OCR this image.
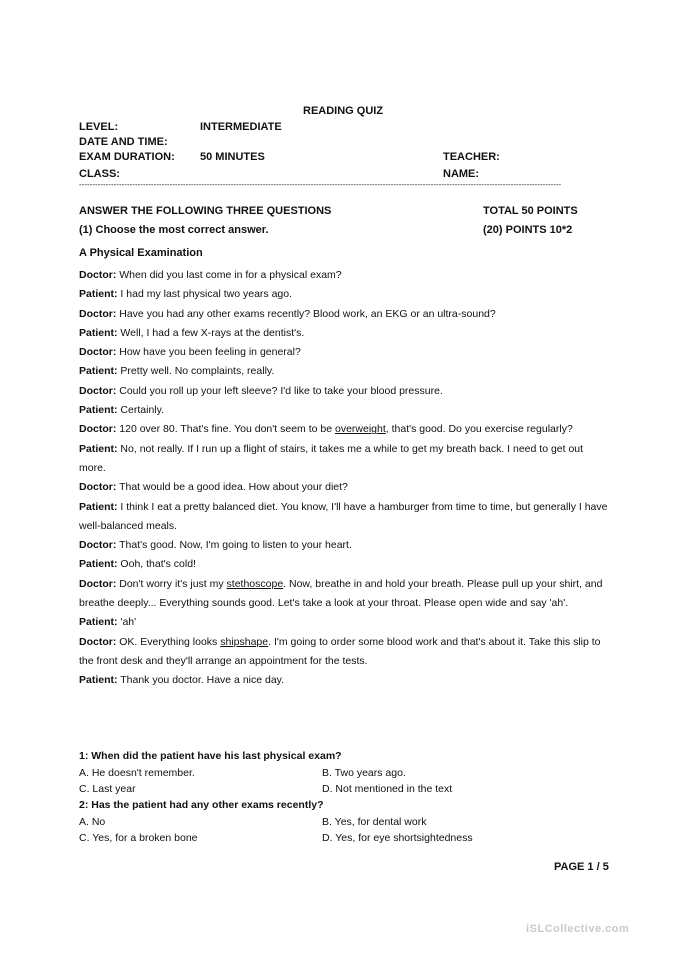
READING QUIZ
LEVEL:	INTERMEDIATE
DATE AND TIME:
EXAM DURATION: 50 MINUTES	TEACHER:
CLASS:	NAME:
-------------------------------------------------------------------------------------------------------------------------------------------------------------------------------------
ANSWER THE FOLLOWING THREE QUESTIONS	TOTAL 50 POINTS
(1) Choose the most correct answer.	(20) POINTS 10*2
A Physical Examination

Doctor: When did you last come in for a physical exam?

Patient: I had my last physical two years ago.

Doctor: Have you had any other exams recently? Blood work, an EKG or an ultra-sound?

Patient: Well, I had a few X-rays at the dentist's.

Doctor: How have you been feeling in general?

Patient: Pretty well. No complaints, really.

Doctor: Could you roll up your left sleeve? I'd like to take your blood pressure.

Patient: Certainly.

Doctor: 120 over 80. That's fine. You don't seem to be overweight, that's good. Do you exercise regularly?

Patient: No, not really. If I run up a flight of stairs, it takes me a while to get my breath back. I need to get out more.

Doctor: That would be a good idea. How about your diet?

Patient: I think I eat a pretty balanced diet. You know, I'll have a hamburger from time to time, but generally I have well-balanced meals.

Doctor: That's good. Now, I'm going to listen to your heart.

Patient: Ooh, that's cold!

Doctor: Don't worry it's just my stethoscope. Now, breathe in and hold your breath. Please pull up your shirt, and breathe deeply... Everything sounds good. Let's take a look at your throat. Please open wide and say 'ah'.

Patient: 'ah'

Doctor: OK. Everything looks shipshape. I'm going to order some blood work and that's about it. Take this slip to the front desk and they'll arrange an appointment for the tests.

Patient: Thank you doctor. Have a nice day.

1: When did the patient have his last physical exam?
A. He doesn't remember.	B. Two years ago.
C. Last year	D. Not mentioned in the text
2: Has the patient had any other exams recently?
A. No	B. Yes, for dental work
C. Yes, for a broken bone	D. Yes, for eye shortsightedness
PAGE 1 / 5
iSLCollective.com
